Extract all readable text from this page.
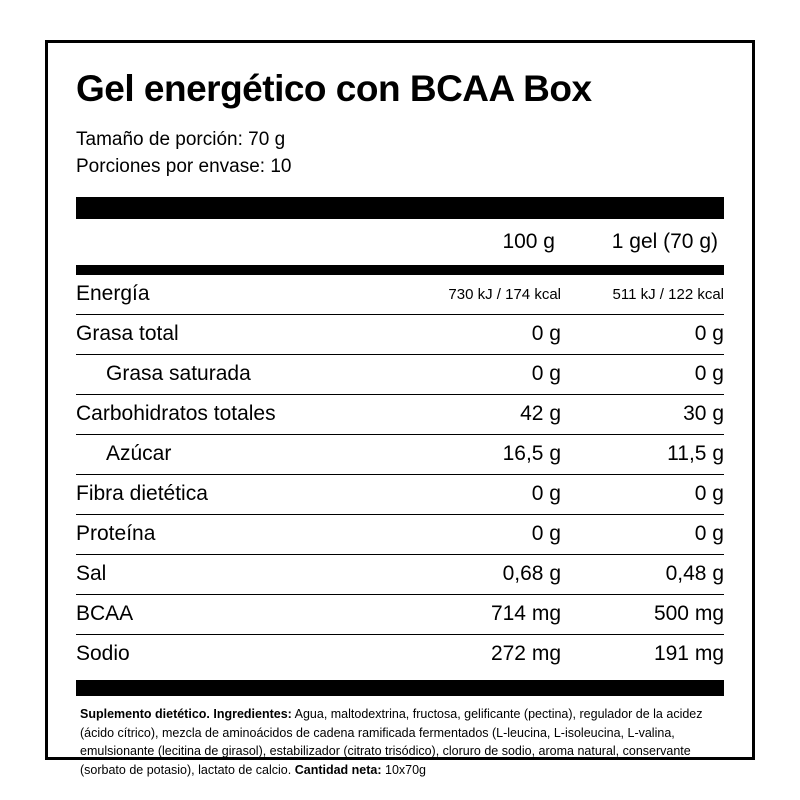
Gel energético con BCAA Box
Tamaño de porción: 70 g
Porciones por envase: 10
100 g	1 gel (70 g)
Energía	730 kJ / 174 kcal	511 kJ / 122 kcal
Grasa total	0 g	0 g
Grasa saturada	0 g	0 g
Carbohidratos totales	42 g	30 g
Azúcar	16,5 g	11,5 g
Fibra dietética	0 g	0 g
Proteína	0 g	0 g
Sal	0,68 g	0,48 g
BCAA	714 mg	500 mg
Sodio	272 mg	191 mg
Suplemento dietético. Ingredientes: Agua, maltodextrina, fructosa, gelificante (pectina), regulador de la acidez (ácido cítrico), mezcla de aminoácidos de cadena ramificada fermentados (L-leucina, L-isoleucina, L-valina, emulsionante (lecitina de girasol), estabilizador (citrato trisódico), cloruro de sodio, aroma natural, conservante (sorbato de potasio), lactato de calcio. Cantidad neta: 10x70g
